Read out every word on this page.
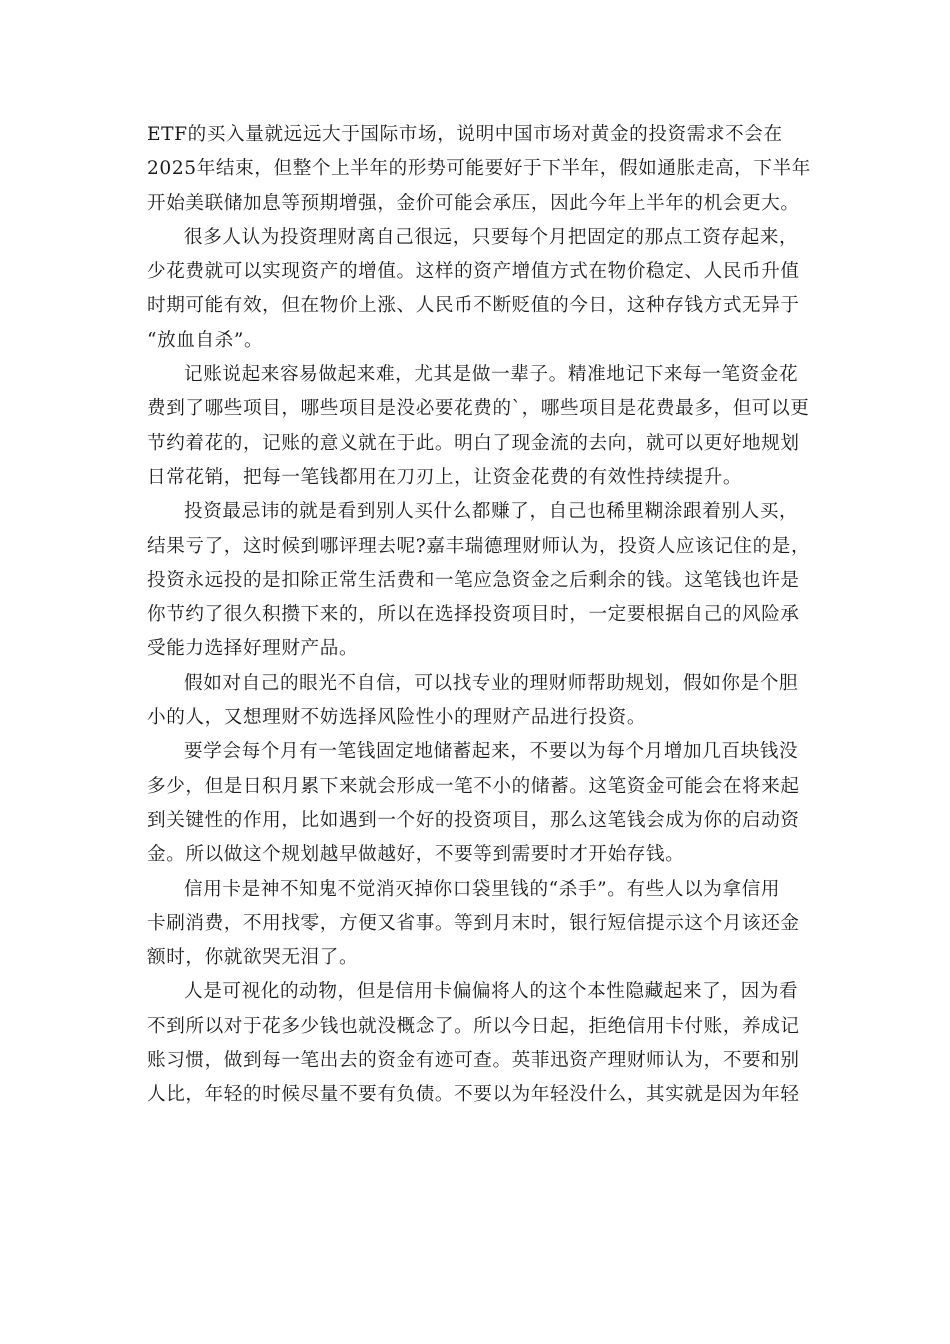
ETF的买入量就远远大于国际市场，说明中国市场对黄金的投资需求不会在
2025年结束，但整个上半年的形势可能要好于下半年，假如通胀走高，下半年
开始美联储加息等预期增强，金价可能会承压，因此今年上半年的机会更大。
很多人认为投资理财离自己很远，只要每个月把固定的那点工资存起来，
少花费就可以实现资产的增值。这样的资产增值方式在物价稳定、人民币升值
时期可能有效，但在物价上涨、人民币不断贬值的今日，这种存钱方式无异于
“放血自杀”。
记账说起来容易做起来难，尤其是做一辈子。精准地记下来每一笔资金花
费到了哪些项目，哪些项目是没必要花费的`，哪些项目是花费最多，但可以更
节约着花的，记账的意义就在于此。明白了现金流的去向，就可以更好地规划
日常花销，把每一笔钱都用在刀刃上，让资金花费的有效性持续提升。
投资最忌讳的就是看到别人买什么都赚了，自己也稀里糊涂跟着别人买，
结果亏了，这时候到哪评理去呢?嘉丰瑞德理财师认为，投资人应该记住的是，
投资永远投的是扣除正常生活费和一笔应急资金之后剩余的钱。这笔钱也许是
你节约了很久积攒下来的，所以在选择投资项目时，一定要根据自己的风险承
受能力选择好理财产品。
假如对自己的眼光不自信，可以找专业的理财师帮助规划，假如你是个胆
小的人，又想理财不妨选择风险性小的理财产品进行投资。
要学会每个月有一笔钱固定地储蓄起来，不要以为每个月增加几百块钱没
多少，但是日积月累下来就会形成一笔不小的储蓄。这笔资金可能会在将来起
到关键性的作用，比如遇到一个好的投资项目，那么这笔钱会成为你的启动资
金。所以做这个规划越早做越好，不要等到需要时才开始存钱。
信用卡是神不知鬼不觉消灭掉你口袋里钱的“杀手”。有些人以为拿信用
卡刷消费，不用找零，方便又省事。等到月末时，银行短信提示这个月该还金
额时，你就欲哭无泪了。
人是可视化的动物，但是信用卡偏偏将人的这个本性隐藏起来了，因为看
不到所以对于花多少钱也就没概念了。所以今日起，拒绝信用卡付账，养成记
账习惯，做到每一笔出去的资金有迹可查。英菲迅资产理财师认为，不要和别
人比，年轻的时候尽量不要有负债。不要以为年轻没什么，其实就是因为年轻
